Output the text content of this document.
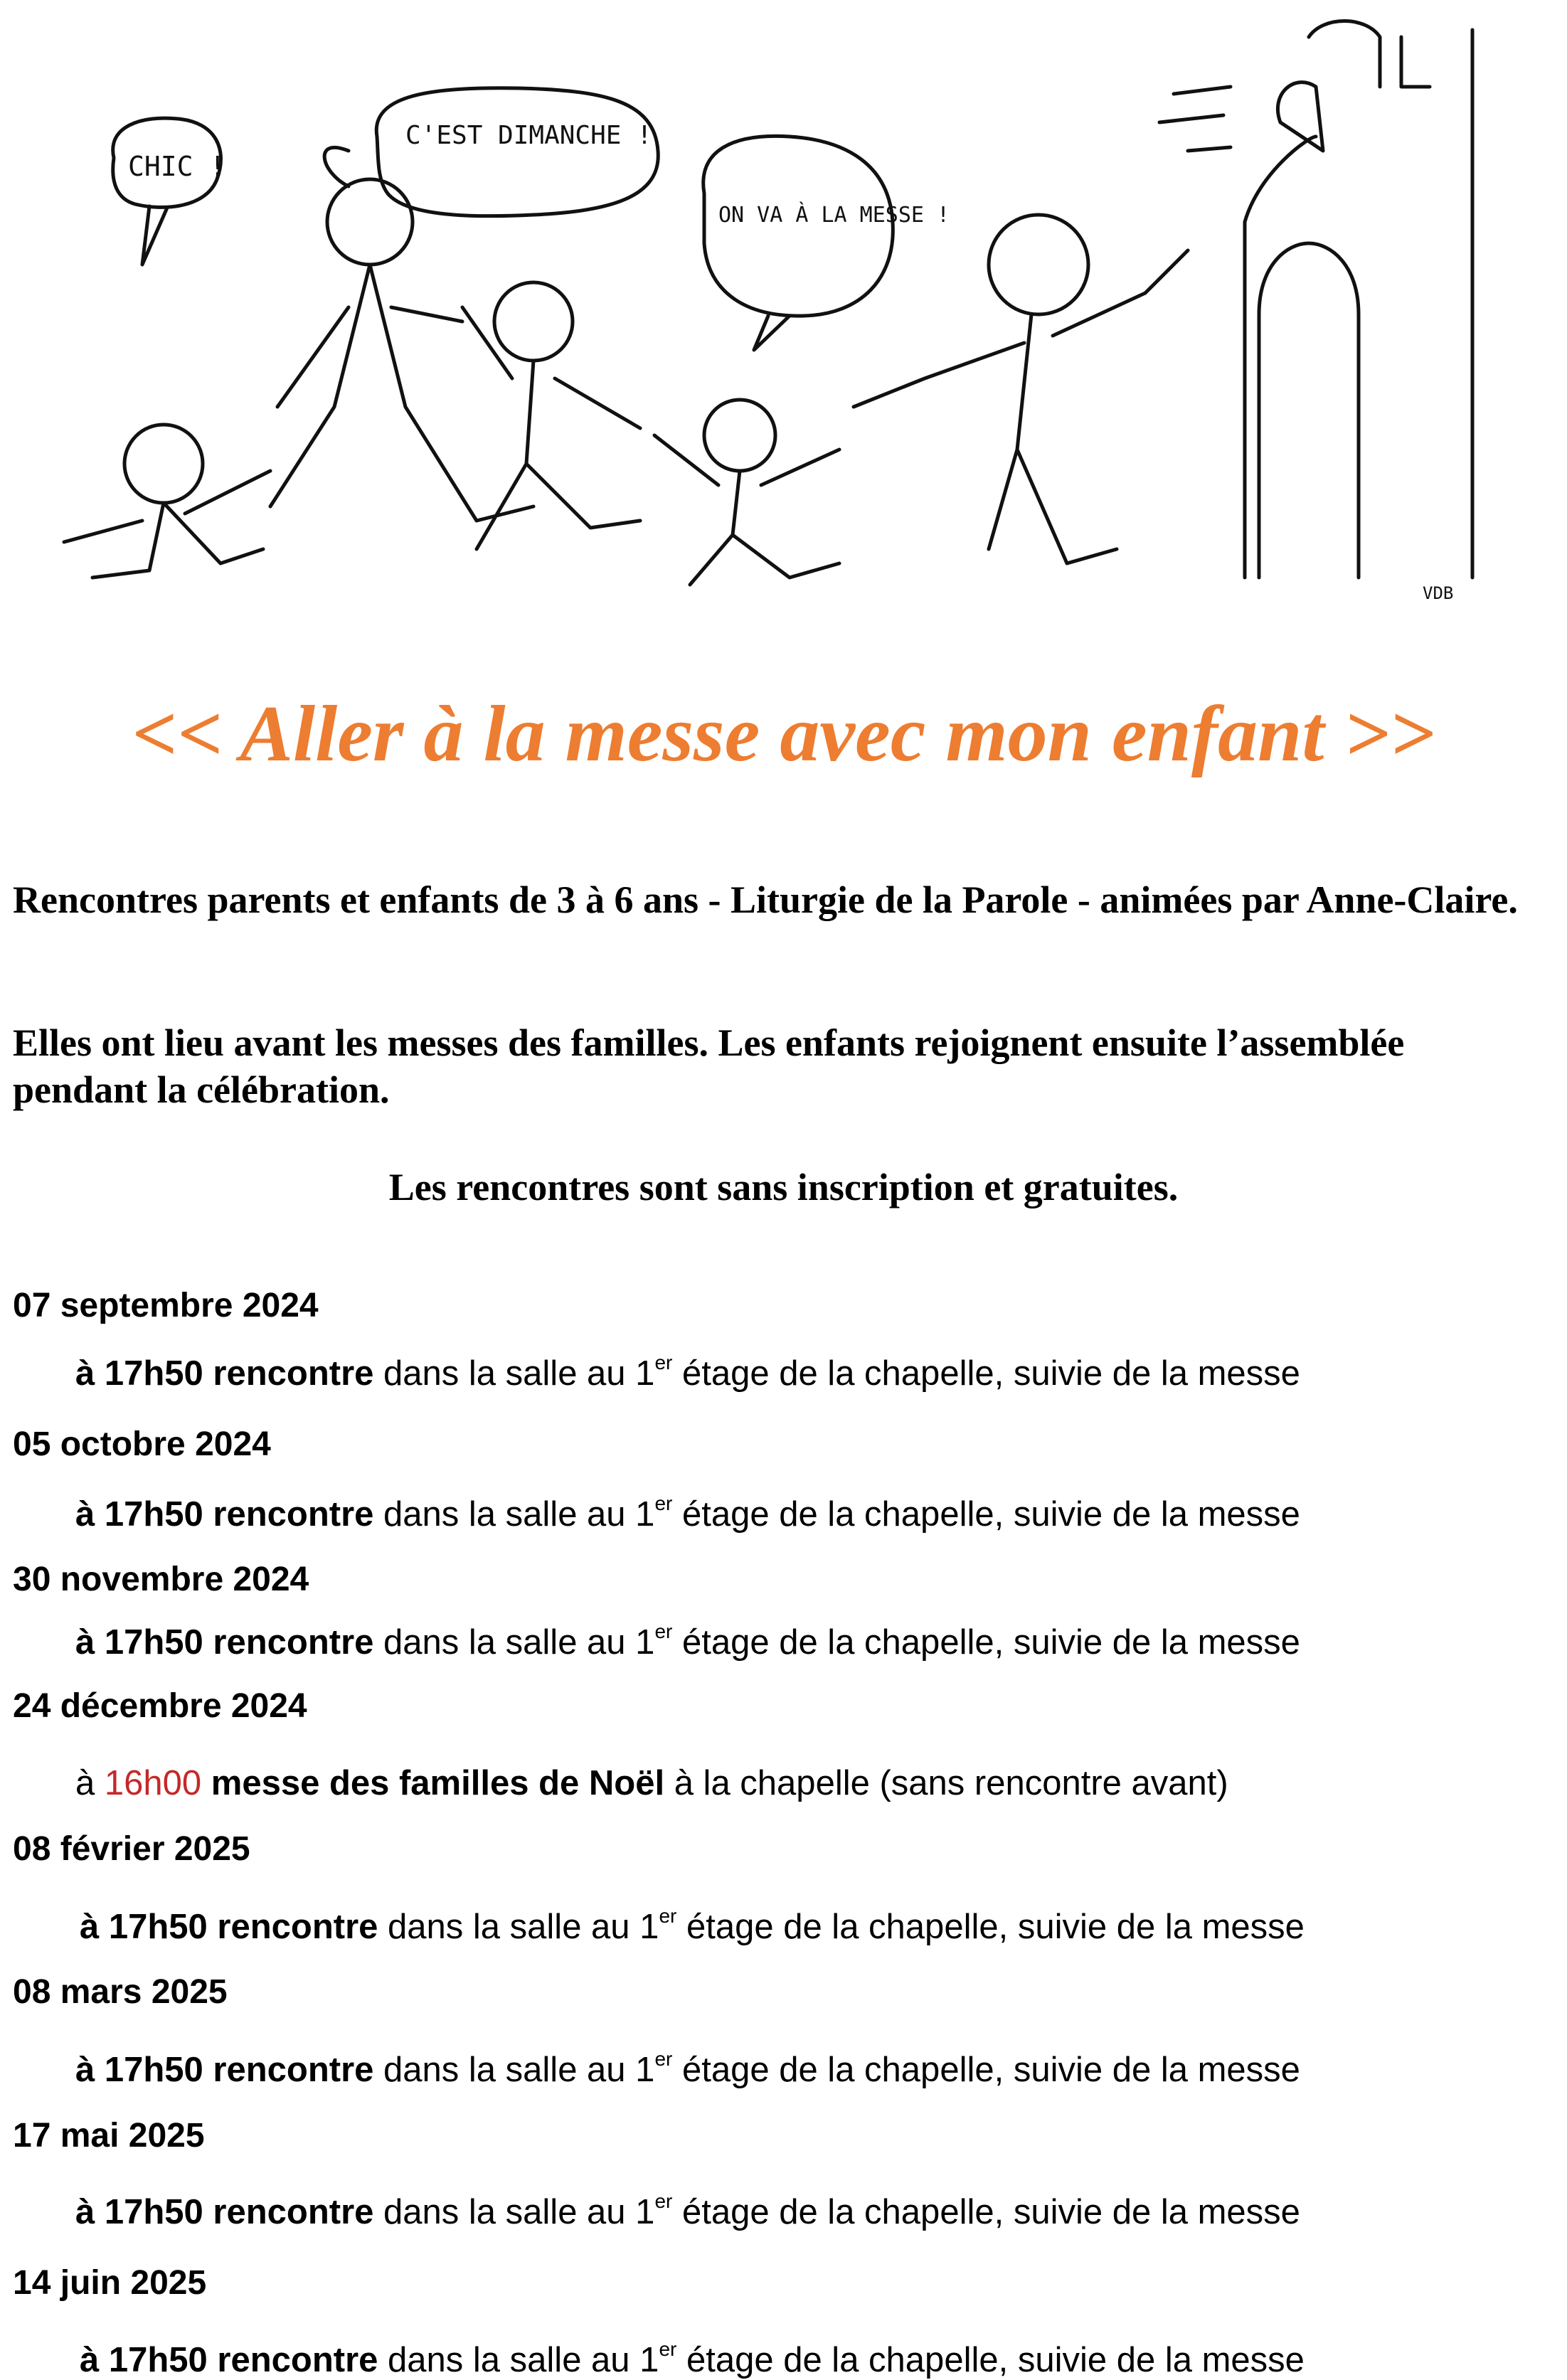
CHIC !
C'EST DIMANCHE !
ON VA À LA MESSE !
VDB
<< Aller à la messe avec mon enfant >>

Rencontres parents et enfants de 3 à 6 ans - Liturgie de la Parole - animées par Anne-Claire.

Elles ont lieu avant les messes des familles. Les enfants rejoignent ensuite l’assemblée pendant la célébration.

Les rencontres sont sans inscription et gratuites.

07 septembre 2024

à 17h50 rencontre dans la salle au 1er étage de la chapelle, suivie de la messe

05 octobre 2024

à 17h50 rencontre dans la salle au 1er étage de la chapelle, suivie de la messe

30 novembre 2024

à 17h50 rencontre dans la salle au 1er étage de la chapelle, suivie de la messe

24 décembre 2024

à 16h00 messe des familles de Noël à la chapelle (sans rencontre avant)

08 février 2025

à 17h50 rencontre dans la salle au 1er étage de la chapelle, suivie de la messe

08 mars 2025

à 17h50 rencontre dans la salle au 1er étage de la chapelle, suivie de la messe

17 mai 2025

à 17h50 rencontre dans la salle au 1er étage de la chapelle, suivie de la messe

14 juin 2025

à 17h50 rencontre dans la salle au 1er étage de la chapelle, suivie de la messe
